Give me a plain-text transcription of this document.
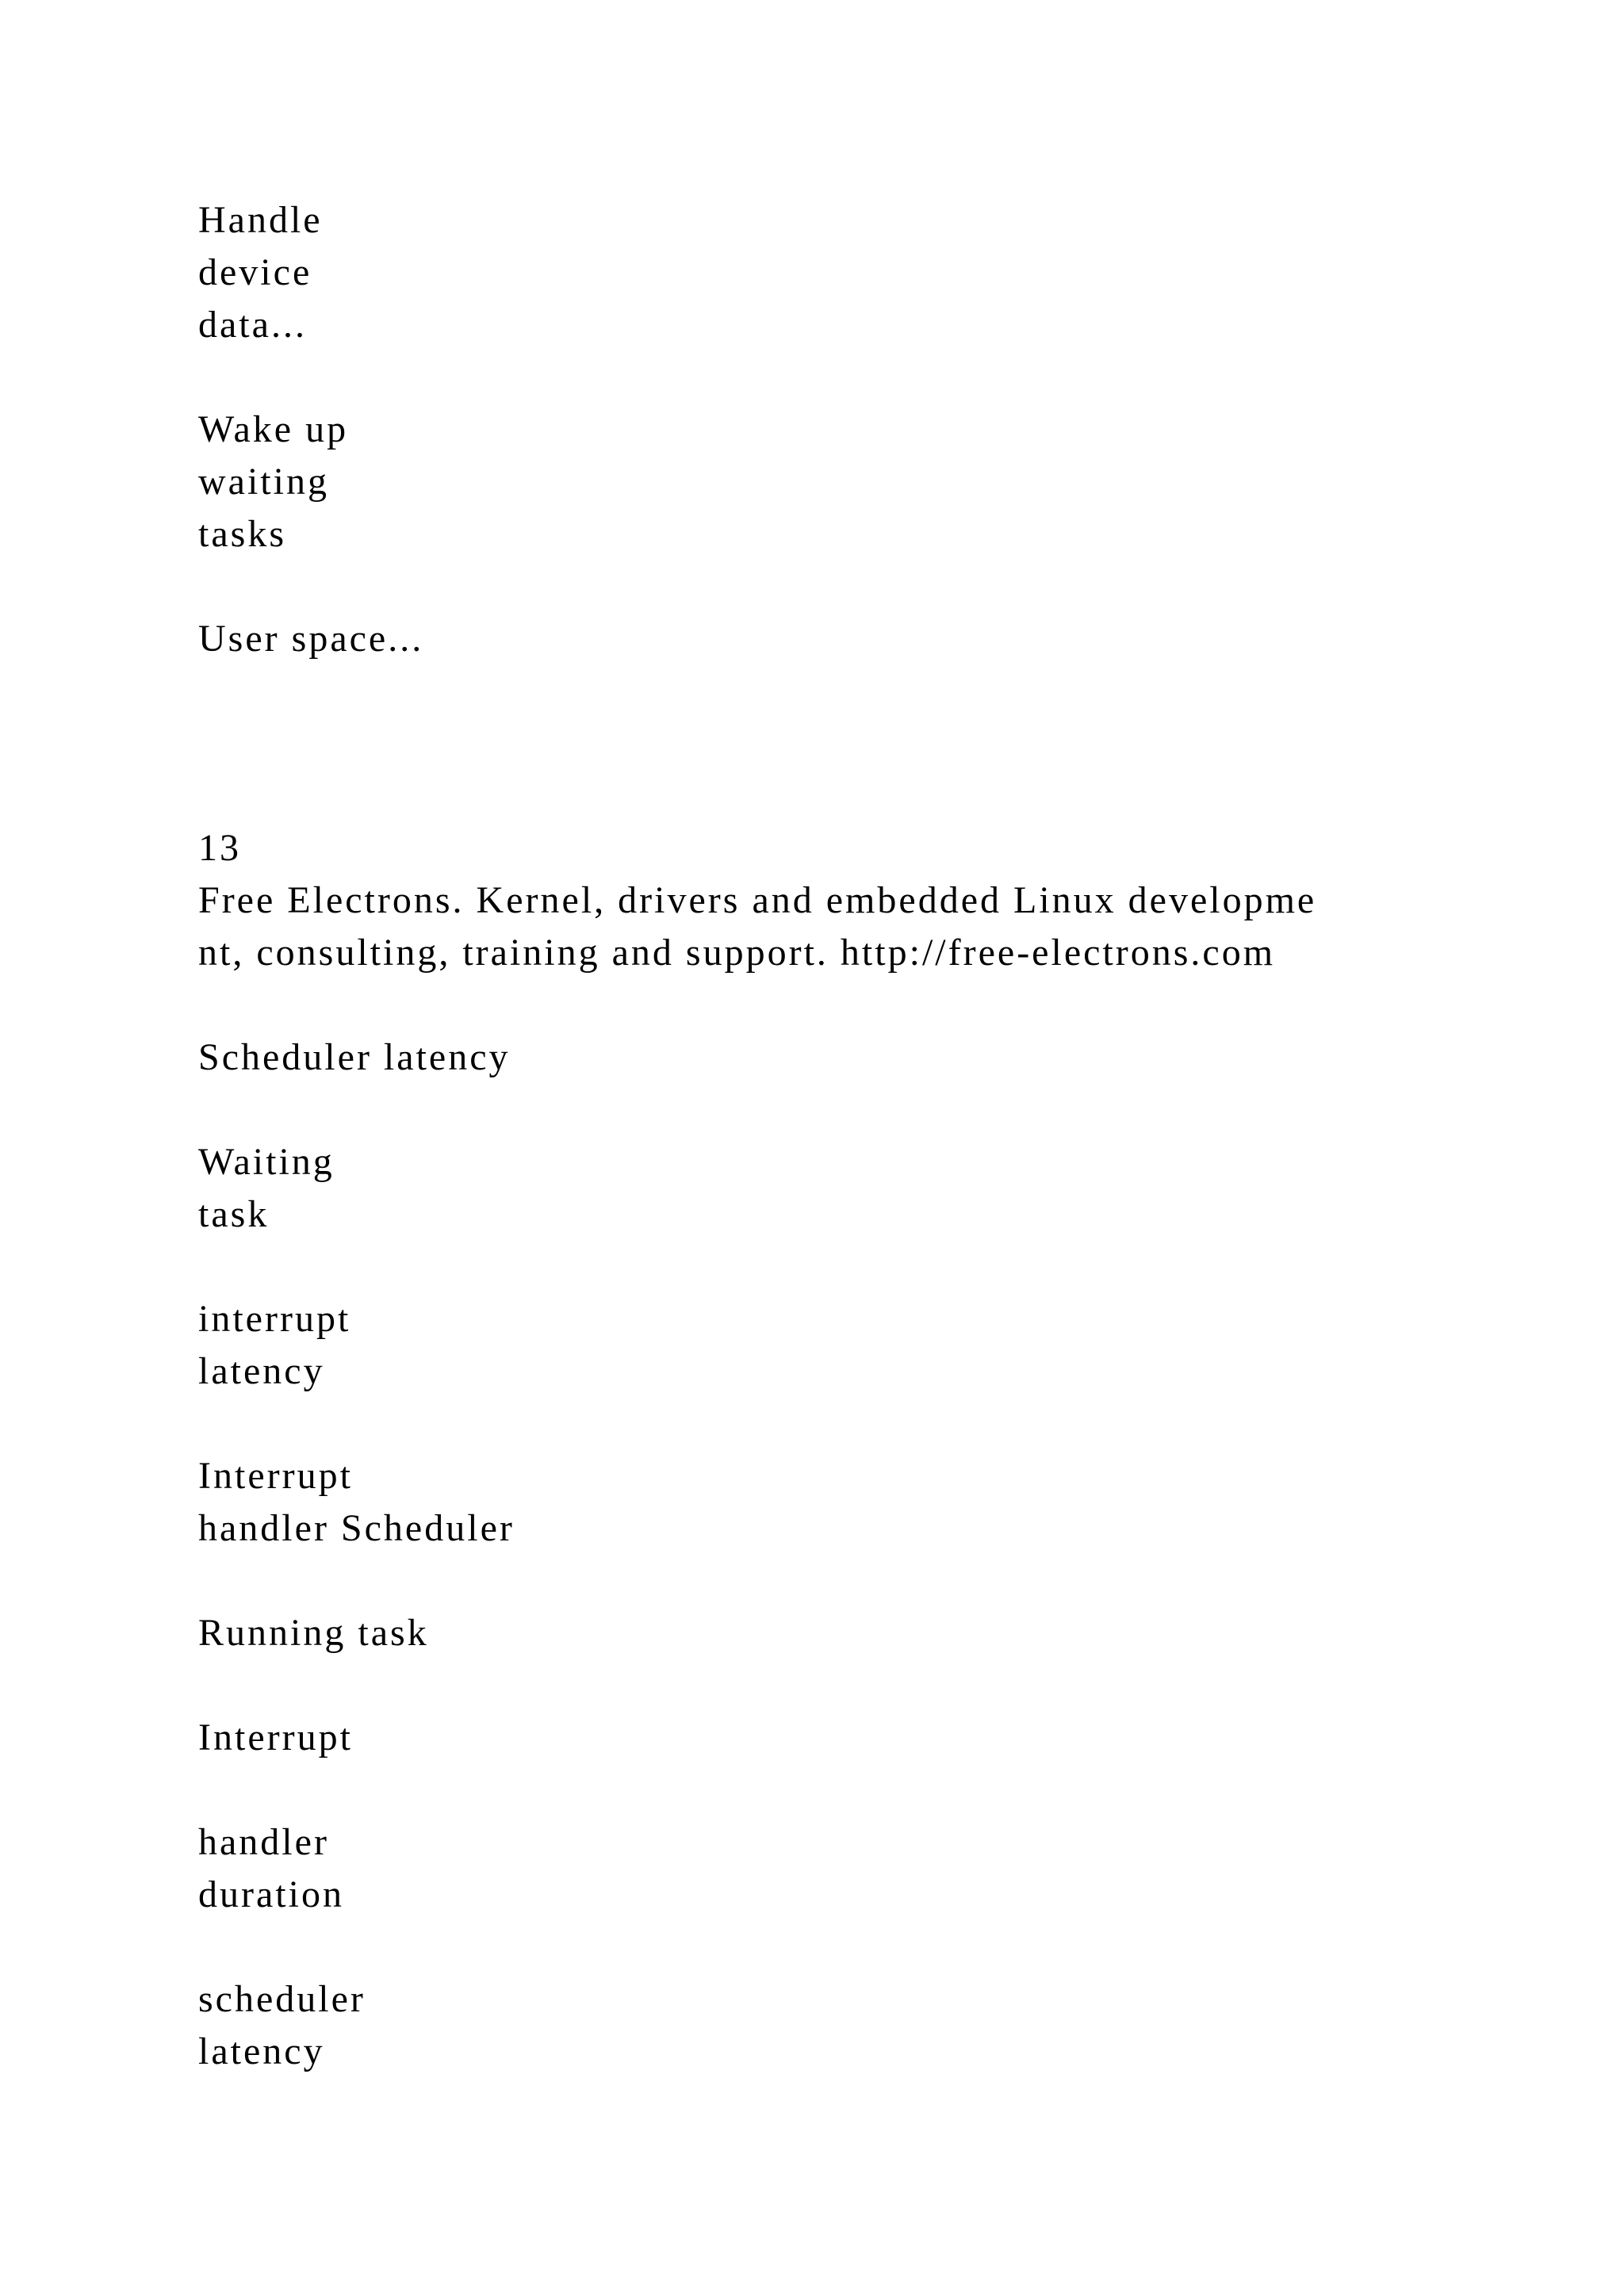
Handle

device

data...

Wake up

waiting

tasks

User space...

13

Free Electrons. Kernel, drivers and embedded Linux developme

nt, consulting, training and support. http://free-electrons.com

Scheduler latency

Waiting

task

interrupt

latency

Interrupt

handler Scheduler

Running task

Interrupt

handler

duration

scheduler

latency
